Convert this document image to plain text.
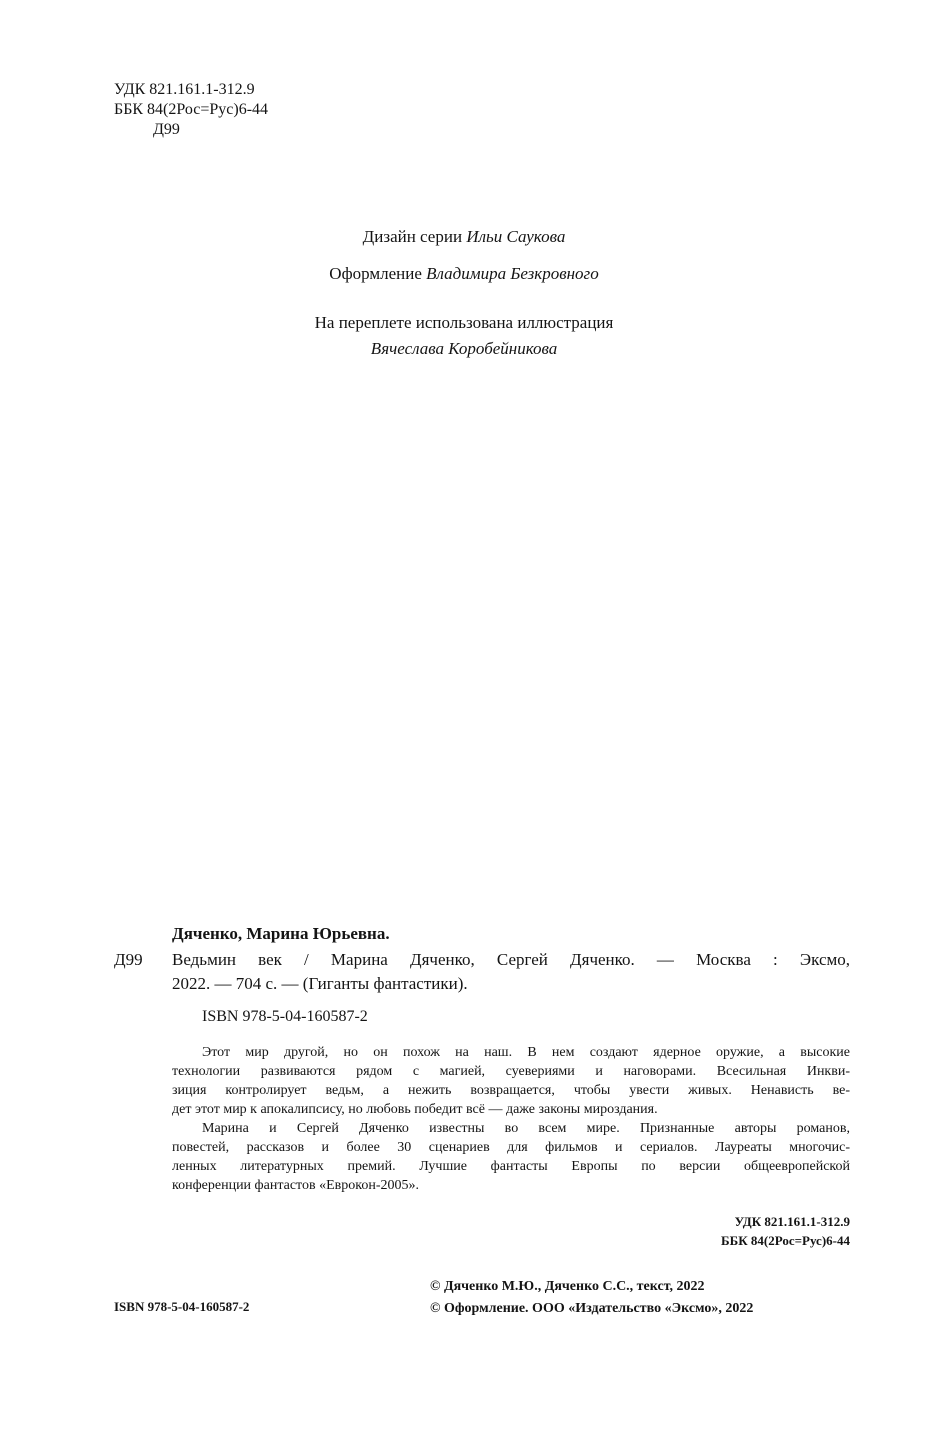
УДК 821.161.1-312.9
ББК 84(2Рос=Рус)6-44
Д99
Дизайн серии Ильи Саукова
Оформление Владимира Безкровного
На переплете использована иллюстрация
Вячеслава Коробейникова
Дяченко, Марина Юрьевна.
Д99 Ведьмин век / Марина Дяченко, Сергей Дяченко. — Москва : Эксмо,
2022. — 704 с. — (Гиганты фантастики).
ISBN 978-5-04-160587-2

Этот мир другой, но он похож на наш. В нем создают ядерное оружие, а высокие
технологии развиваются рядом с магией, суевериями и наговорами. Всесильная Инкви-
зиция контролирует ведьм, а нежить возвращается, чтобы увести живых. Ненависть ве-
дет этот мир к апокалипсису, но любовь победит всё — даже законы мироздания.

Марина и Сергей Дяченко известны во всем мире. Признанные авторы романов,
повестей, рассказов и более 30 сценариев для фильмов и сериалов. Лауреаты многочис-
ленных литературных премий. Лучшие фантасты Европы по версии общеевропейской
конференции фантастов «Еврокон-2005».

УДК 821.161.1-312.9
ББК 84(2Рос=Рус)6-44
ISBN 978-5-04-160587-2
© Дяченко М.Ю., Дяченко С.С., текст, 2022
© Оформление. ООО «Издательство «Эксмо», 2022
